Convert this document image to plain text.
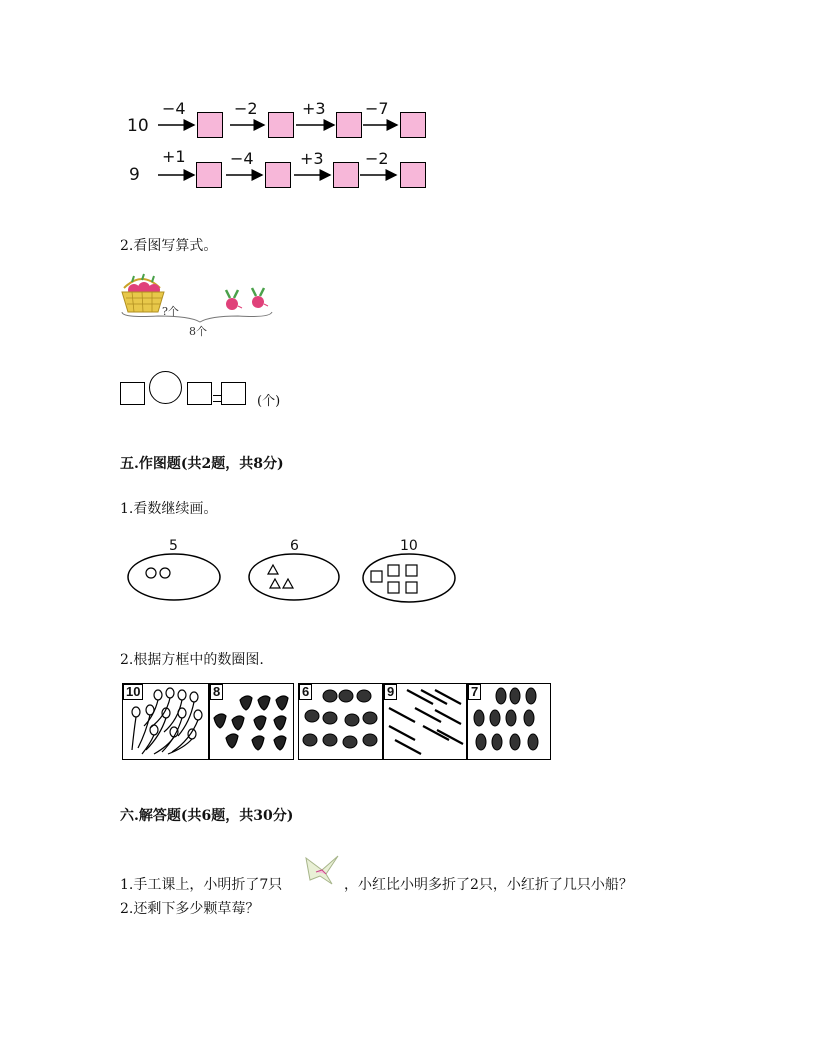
10
−4	−2	+3 −7
9
+1	−4	+3	−2
2.看图写算式。
?个
8个
(个)
五.作图题(共2题，共8分)
1.看数继续画。
5	6	10
2.根据方框中的数圈图.
10	8	6	9	7
六.解答题(共6题，共30分)
1.手工课上，小明折了7只	，小红比小明多折了2只，小红折了几只小船？
2.还剩下多少颗草莓？
